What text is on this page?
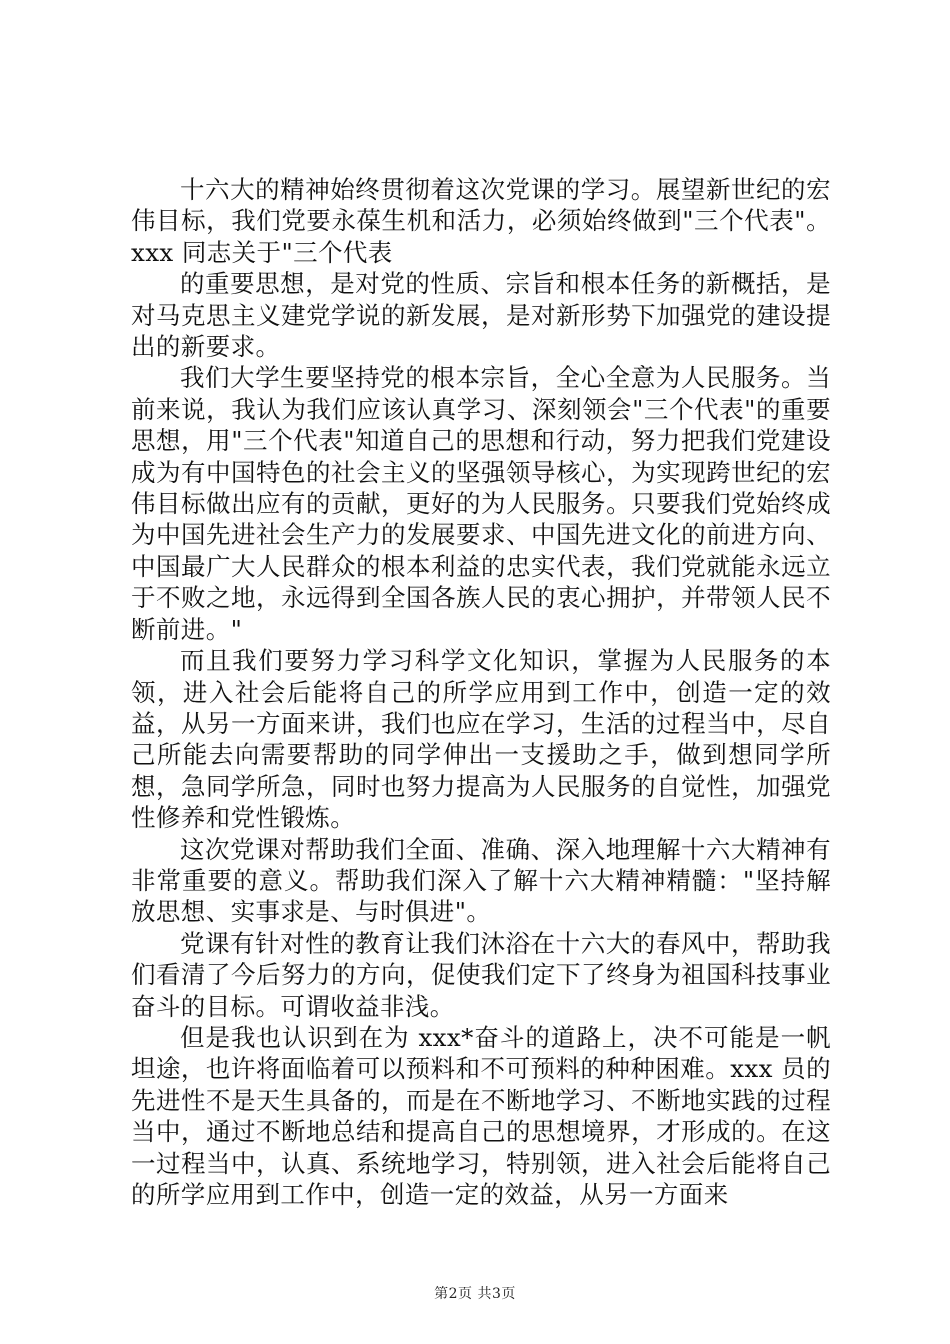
十六大的精神始终贯彻着这次党课的学习。展望新世纪的宏伟目标，我们党要永葆生机和活力，必须始终做到"三个代表"。xxx 同志关于"三个代表

的重要思想，是对党的性质、宗旨和根本任务的新概括，是对马克思主义建党学说的新发展，是对新形势下加强党的建设提出的新要求。

我们大学生要坚持党的根本宗旨，全心全意为人民服务。当前来说，我认为我们应该认真学习、深刻领会"三个代表"的重要思想，用"三个代表"知道自己的思想和行动，努力把我们党建设成为有中国特色的社会主义的坚强领导核心，为实现跨世纪的宏伟目标做出应有的贡献，更好的为人民服务。只要我们党始终成为中国先进社会生产力的发展要求、中国先进文化的前进方向、中国最广大人民群众的根本利益的忠实代表，我们党就能永远立于不败之地，永远得到全国各族人民的衷心拥护，并带领人民不断前进。"

而且我们要努力学习科学文化知识，掌握为人民服务的本领，进入社会后能将自己的所学应用到工作中，创造一定的效益，从另一方面来讲，我们也应在学习，生活的过程当中，尽自己所能去向需要帮助的同学伸出一支援助之手，做到想同学所想，急同学所急，同时也努力提高为人民服务的自觉性，加强党性修养和党性锻炼。

这次党课对帮助我们全面、准确、深入地理解十六大精神有非常重要的意义。帮助我们深入了解十六大精神精髓："坚持解放思想、实事求是、与时俱进"。

党课有针对性的教育让我们沐浴在十六大的春风中，帮助我们看清了今后努力的方向，促使我们定下了终身为祖国科技事业奋斗的目标。可谓收益非浅。

但是我也认识到在为 xxx*奋斗的道路上，决不可能是一帆坦途，也许将面临着可以预料和不可预料的种种困难。xxx 员的先进性不是天生具备的，而是在不断地学习、不断地实践的过程当中，通过不断地总结和提高自己的思想境界，才形成的。在这一过程当中，认真、系统地学习，特别领，进入社会后能将自己的所学应用到工作中，创造一定的效益，从另一方面来

第2页 共3页
